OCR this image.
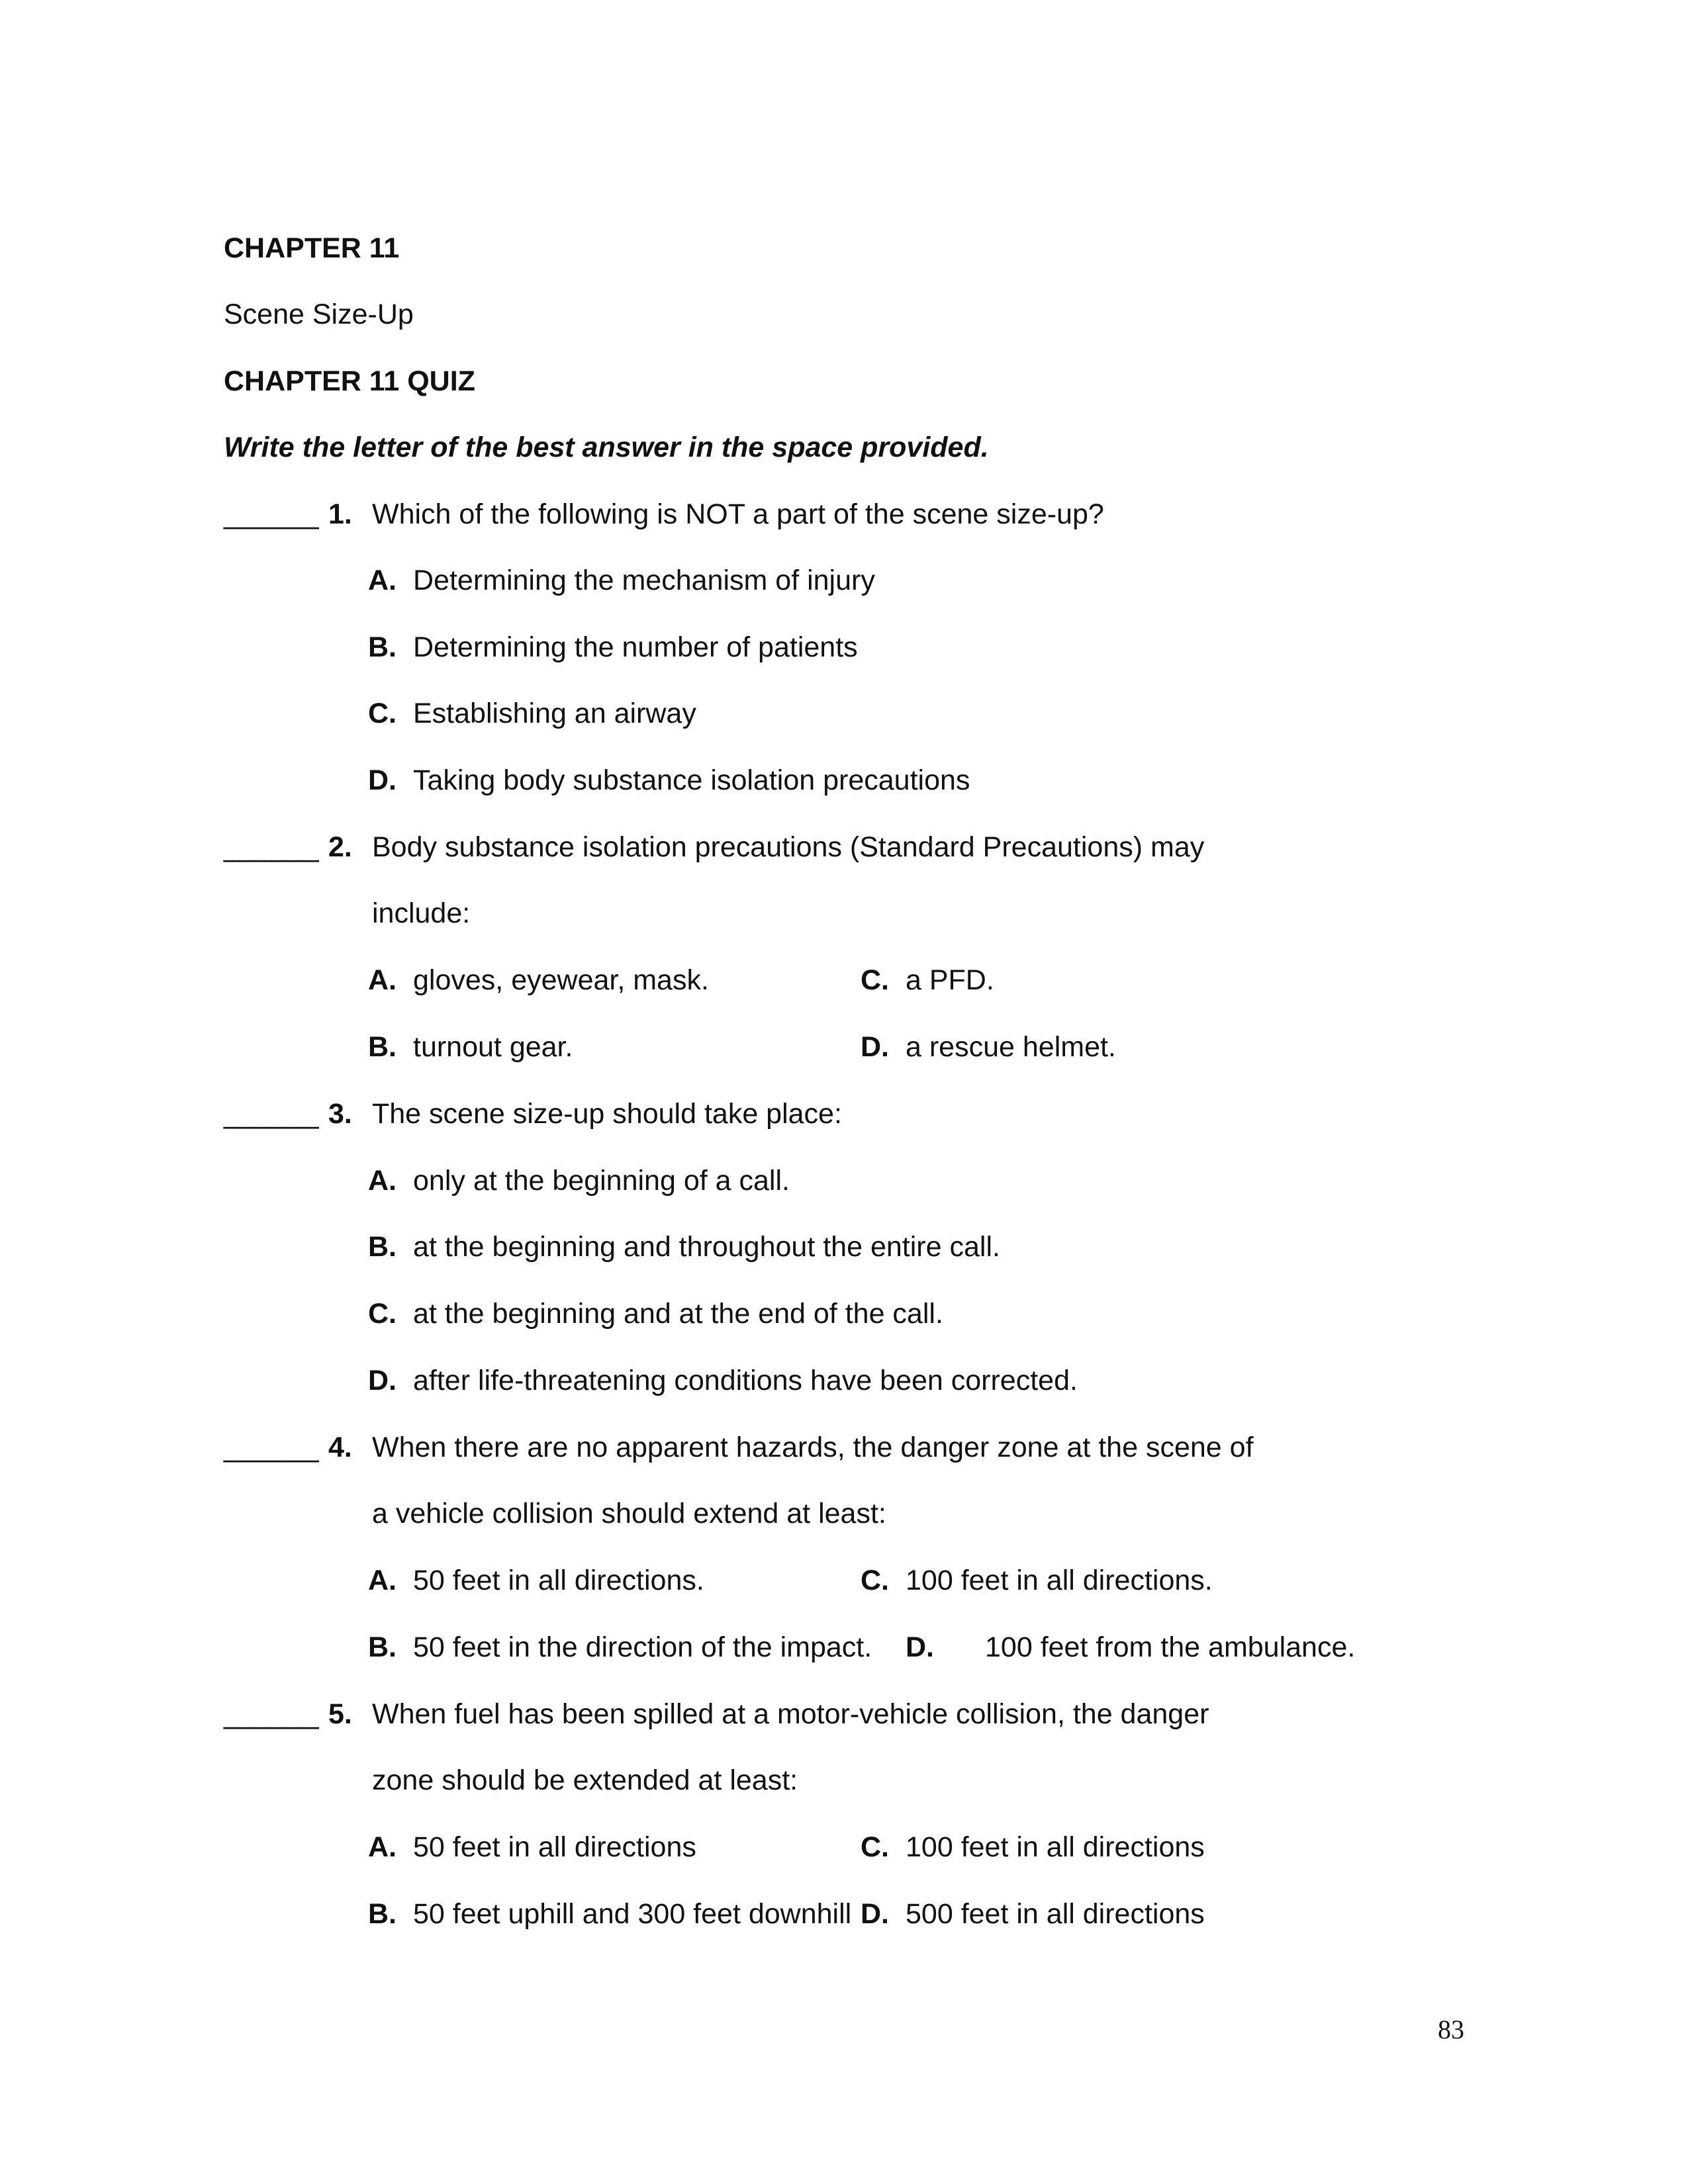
CHAPTER 11
Scene Size-Up
CHAPTER 11 QUIZ
Write the letter of the best answer in the space provided.
______ 1. Which of the following is NOT a part of the scene size-up?
A. Determining the mechanism of injury
B. Determining the number of patients
C. Establishing an airway
D. Taking body substance isolation precautions
______ 2. Body substance isolation precautions (Standard Precautions) may
include:
A. gloves, eyewear, mask.	C. a PFD.
B. turnout gear.	D. a rescue helmet.
______ 3. The scene size-up should take place:
A. only at the beginning of a call.
B. at the beginning and throughout the entire call.
C. at the beginning and at the end of the call.
D. after life-threatening conditions have been corrected.
______ 4. When there are no apparent hazards, the danger zone at the scene of
a vehicle collision should extend at least:
A. 50 feet in all directions.	C. 100 feet in all directions.
B. 50 feet in the direction of the impact. D. 100 feet from the ambulance.
______ 5. When fuel has been spilled at a motor-vehicle collision, the danger
zone should be extended at least:
A. 50 feet in all directions	C. 100 feet in all directions
B. 50 feet uphill and 300 feet downhill D. 500 feet in all directions
83
